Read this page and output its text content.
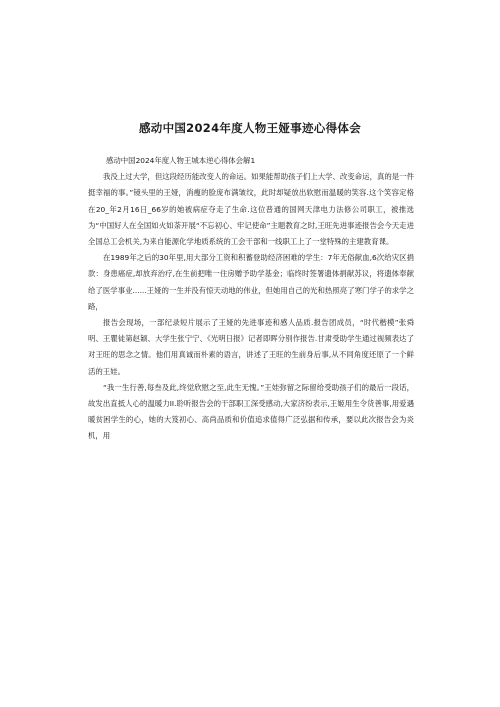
感动中国2024年度人物王娅事迹心得体会

感动中国2024年度人物王城本逆心得体会解1

我没上过大学，但这段经历能改变人的命运。如果能帮助孩子们上大学、改变命运，真的是一件挺幸福的事。”镜头里的王娅，消瘦的脸庞布满皱纹，此时却疑放出软慰而温暖的笑容.这个笑容定格在20_年2月16日_66岁的她被病症夺走了生命.这位普通的国网天津电力法修公司职工，被推选为“中国好人在全国如火如荼开展“不忘初心、牢记使命”主题教育之时,王旺先进事迹报告会今天走进全国总工会机关,为来自能源化学地质系统的工会干部和一线职工上了一堂特殊的主建教育课。

在1989年之后的30年里,用大部分工资和积蓄登助经济困难的学生：7年无俗献血,6次给灾区捐款：身患癌症,却放弃治疗,在生前把唯一住房赠予助学基金；临终时签署遗体捐献苏议，将遗体奉献给了医学事业......王娅的一生并没有惊天动地的伟业，但她用自己的光和热照亮了寒门学子的求学之路，

报告会现场，一部纪录短片展示了王娅的先进事迹和感人品质.报告团成员，“时代楷模”张舜明、王瞿徒第赵颖、大学生张宁宁、《光明日报》记者即晖分别作报告.甘肃受助学生通过视频表达了对王旺的思念之情。他们用真诚而朴素的语言，讲述了王旺的生前身后事,从不同角度还原了一个鲜活的王娃。

“我一生行善,每叁及此,终觉欣慰之至,此生无愧。”王娃弥留之际留给受助孩子们的最后一段话，故发出直抵人心的温暖力II.聆听报告会的干部职工深受感动,大家济纷表示,王姬用生令货善事,用爱遇暖贫困学生的心，她的大笈初心、高尚品质和价值追求值得广泛弘据和传承，要以此次报告会为炎机，用
